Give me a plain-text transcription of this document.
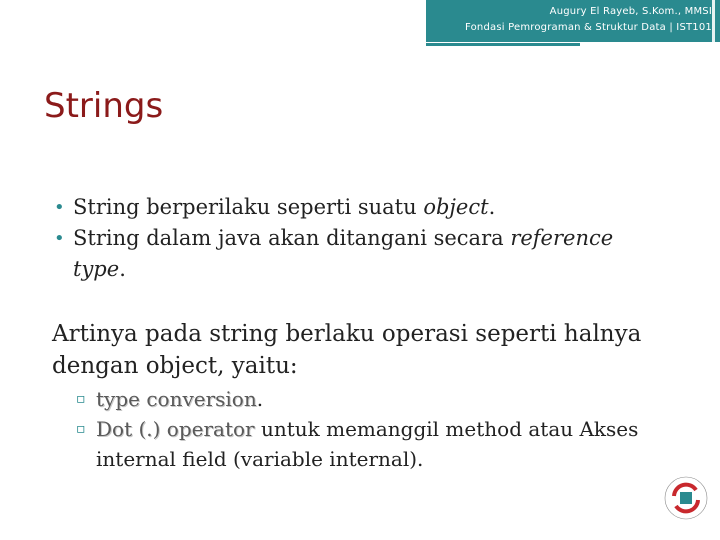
Augury El Rayeb, S.Kom., MMSI
Fondasi Pemrograman & Struktur Data | IST101
Strings
• String berperilaku seperti suatu object.
• String dalam java akan ditangani secara reference type.

Artinya pada string berlaku operasi seperti halnya dengan object, yaitu:

▫ type conversion.
▫ Dot (.) operator untuk memanggil method atau Akses internal field (variable internal).
